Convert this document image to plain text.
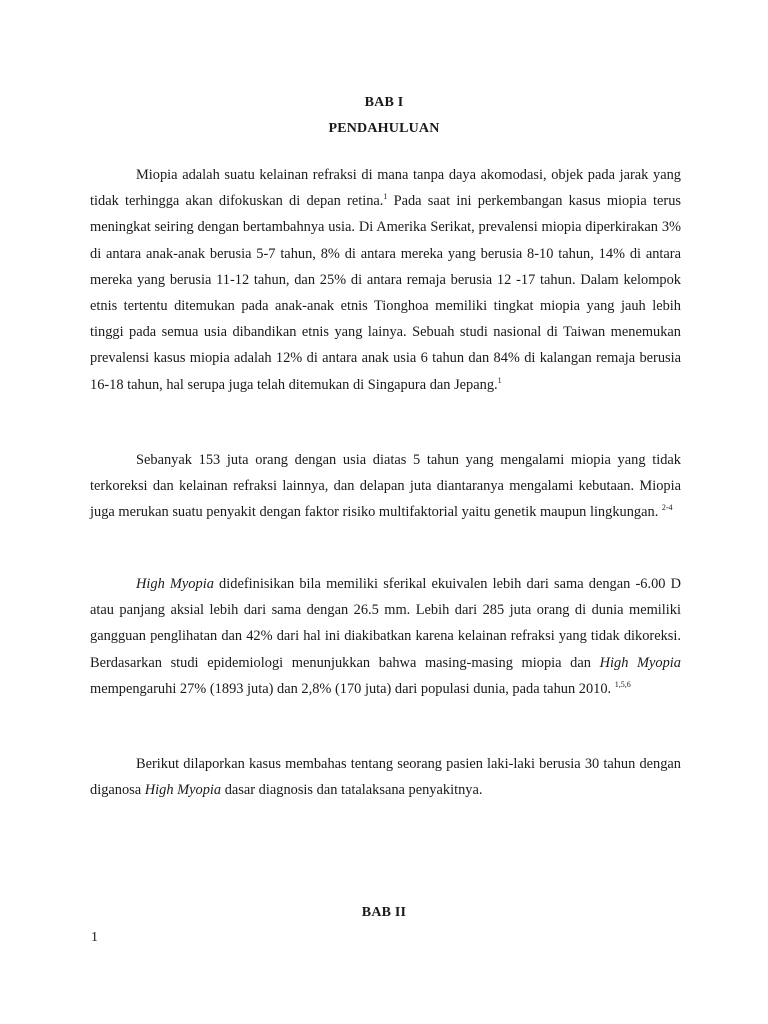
BAB I
PENDAHULUAN

Miopia adalah suatu kelainan refraksi di mana tanpa daya akomodasi, objek pada jarak yang tidak terhingga akan difokuskan di depan retina.$^1$ Pada saat ini perkembangan kasus miopia terus meningkat seiring dengan bertambahnya usia. Di Amerika Serikat, prevalensi miopia diperkirakan 3% di antara anak-anak berusia 5-7 tahun, 8% di antara mereka yang berusia 8-10 tahun, 14% di antara mereka yang berusia 11-12 tahun, dan 25% di antara remaja berusia 12 -17 tahun. Dalam kelompok etnis tertentu ditemukan pada anak-anak etnis Tionghoa memiliki tingkat miopia yang jauh lebih tinggi pada semua usia dibandikan etnis yang lainya. Sebuah studi nasional di Taiwan menemukan prevalensi kasus miopia adalah 12% di antara anak usia 6 tahun dan 84% di kalangan remaja berusia 16-18 tahun, hal serupa juga telah ditemukan di Singapura dan Jepang.$^1$

Sebanyak 153 juta orang dengan usia diatas 5 tahun yang mengalami miopia yang tidak terkoreksi dan kelainan refraksi lainnya, dan delapan juta diantaranya mengalami kebutaan. Miopia juga merukan suatu penyakit dengan faktor risiko multifaktorial yaitu genetik maupun lingkungan. $^{2-4}$

High Myopia didefinisikan bila memiliki sferikal ekuivalen lebih dari sama dengan -6.00 D atau panjang aksial lebih dari sama dengan 26.5 mm. Lebih dari 285 juta orang di dunia memiliki gangguan penglihatan dan 42% dari hal ini diakibatkan karena kelainan refraksi yang tidak dikoreksi. Berdasarkan studi epidemiologi menunjukkan bahwa masing-masing miopia dan High Myopia mempengaruhi 27% (1893 juta) dan 2,8% (170 juta) dari populasi dunia, pada tahun 2010. $^{1,5,6}$

Berikut dilaporkan kasus membahas tentang seorang pasien laki-laki berusia 30 tahun dengan diganosa High Myopia dasar diagnosis dan tatalaksana penyakitnya.

BAB II
1
